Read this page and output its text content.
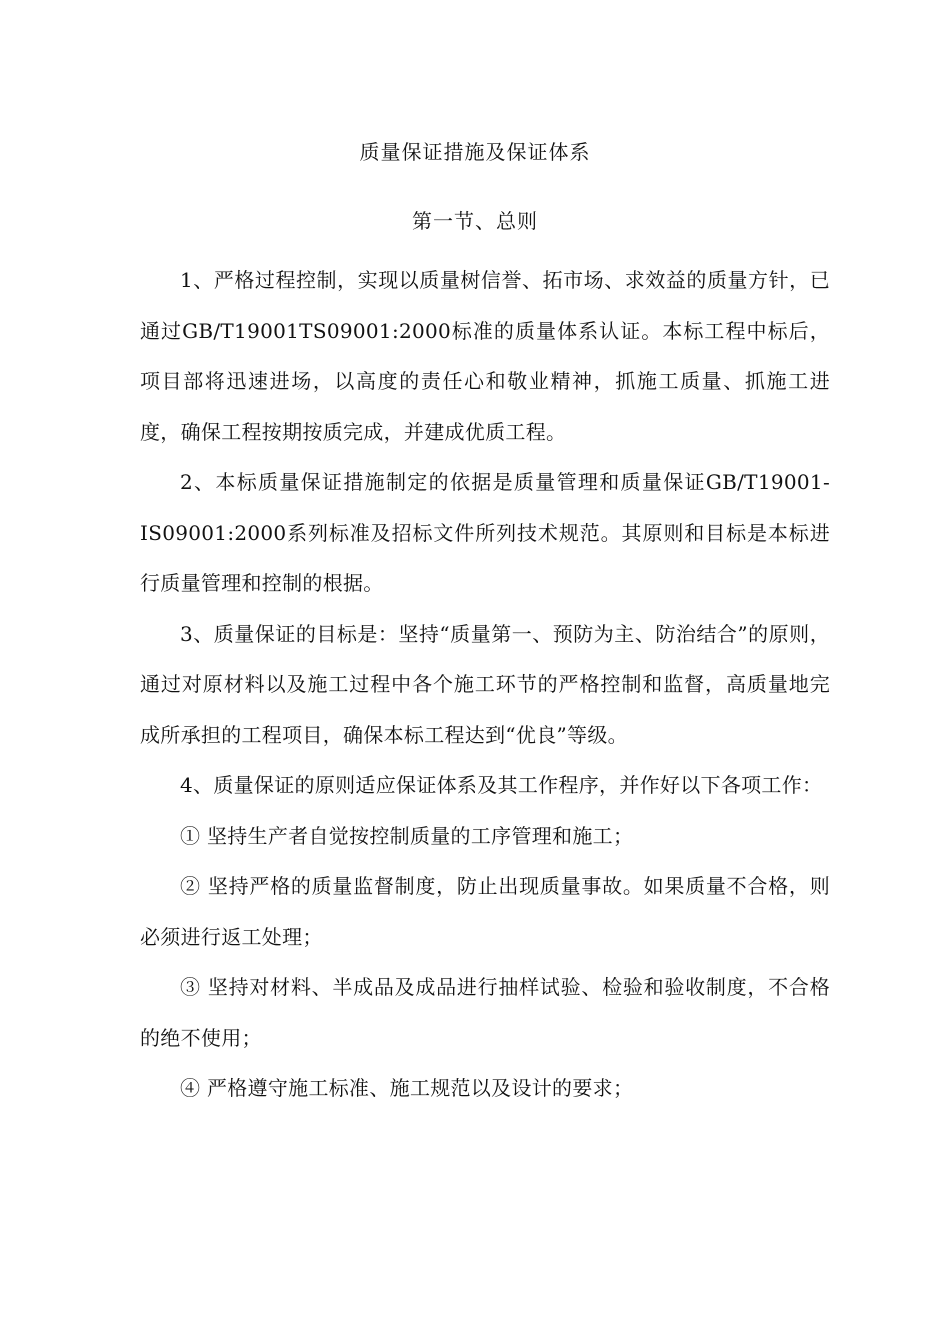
质量保证措施及保证体系
第一节、总则

1、严格过程控制，实现以质量树信誉、拓市场、求效益的质量方针，已通过GB/T19001TS09001:2000标准的质量体系认证。本标工程中标后，项目部将迅速进场，以高度的责任心和敬业精神，抓施工质量、抓施工进度，确保工程按期按质完成，并建成优质工程。

2、本标质量保证措施制定的依据是质量管理和质量保证GB/T19001-IS09001:2000系列标准及招标文件所列技术规范。其原则和目标是本标进行质量管理和控制的根据。

3、质量保证的目标是：坚持“质量第一、预防为主、防治结合”的原则，通过对原材料以及施工过程中各个施工环节的严格控制和监督，高质量地完成所承担的工程项目，确保本标工程达到“优良”等级。

4、质量保证的原则适应保证体系及其工作程序，并作好以下各项工作：

① 坚持生产者自觉按控制质量的工序管理和施工；

② 坚持严格的质量监督制度，防止出现质量事故。如果质量不合格，则必须进行返工处理；

③ 坚持对材料、半成品及成品进行抽样试验、检验和验收制度，不合格的绝不使用；

④ 严格遵守施工标准、施工规范以及设计的要求；
